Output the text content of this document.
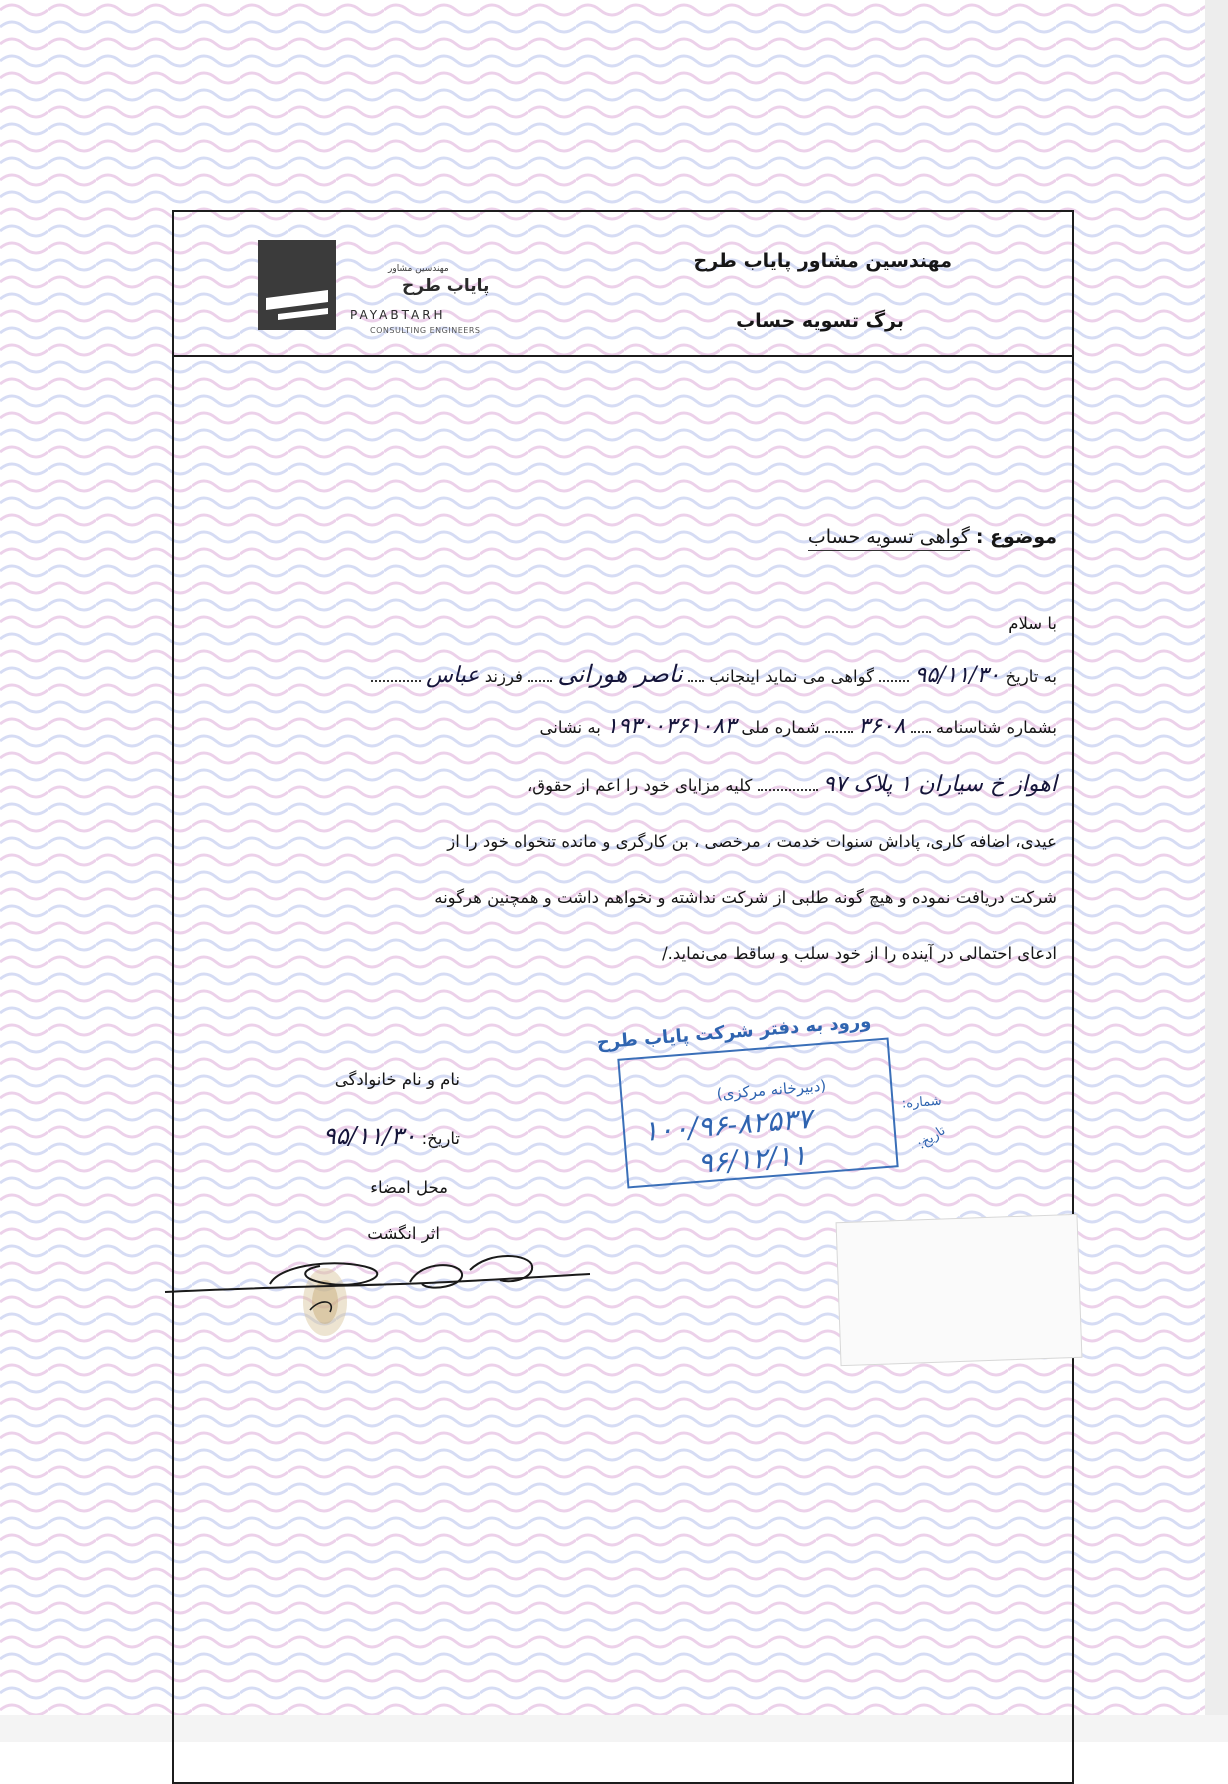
مهندسین مشاور پایاب طرح
برگ تسویه حساب
مهندسین مشاور
پایاب طرح
PAYABTARH
CONSULTING ENGINEERS
موضوع : گواهی تسویه حساب
با سلام
به تاریخ ۹۵/۱۱/۳۰  گواهی می نماید اینجانب  ناصر هورانی  فرزند عباس
بشماره شناسنامه  ۳۶۰۸  شماره ملی ۱۹۳۰۰۳۶۱۰۸۳ به نشانی
اهواز خ سیاران ۱ پلاک ۹۷  کلیه مزایای خود را اعم از حقوق،
عیدی، اضافه کاری، پاداش سنوات خدمت ، مرخصی ، بن کارگری و مانده تنخواه خود را از
شرکت دریافت نموده و هیچ گونه طلبی از شرکت نداشته و نخواهم داشت و همچنین هرگونه
ادعای احتمالی در آینده را از خود سلب و ساقط می‌نماید./
نام و نام خانوادگی
تاریخ: ۹۵/۱۱/۳۰
محل امضاء
اثر انگشت
ورود به دفتر شرکت پایاب طرح
(دبیرخانه مرکزی)	شماره:
۱۰۰/۹۶-۸۲۵۳۷	تاریخ:
۹۶/۱۲/۱۱
